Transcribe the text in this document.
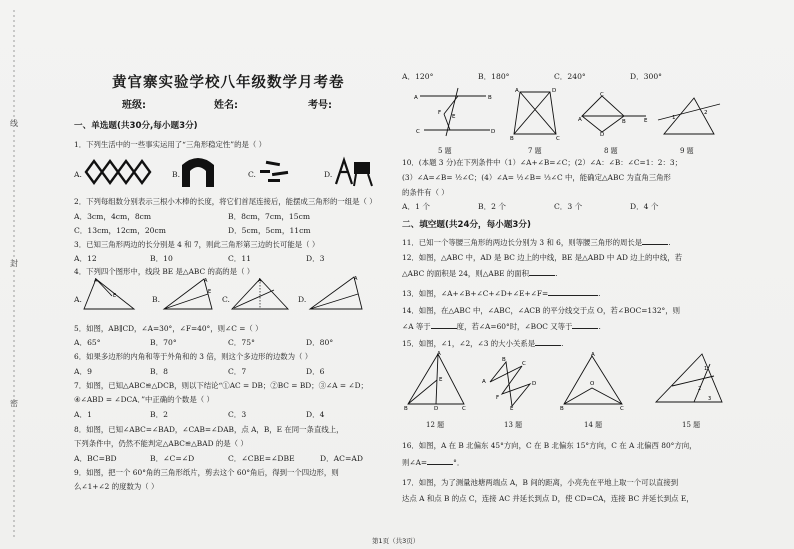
线
封
密
黄官寨实验学校八年级数学月考卷
班级:	姓名:	考号:
一、单选题(共30分,每小题3分)
1．下列生活中的一些事实运用了“三角形稳定性”的是（ ）
A.	B.	C.	D.
2．下列每组数分别表示三根小木棒的长度，将它们首尾连接后，能摆成三角形的一组是（ ）
A．3cm，4cm，8cm	B．8cm，7cm，15cm
C．13cm，12cm，20cm	D．5cm，5cm，11cm
3．已知三角形两边的长分别是 4 和 7，则此三角形第三边的长可能是（ ）
A．12	B．10	C．11	D．3
4．下列四个图形中，线段 BE 是△ABC 的高的是（ ）
A.
A
E	B.
A
E
C.
A
D.
A
5．如图，AB∥CD，∠A=30°，∠F=40°，则∠C =（ ）
A．65°	B．70°	C．75°	D．80°
6．如果多边形的内角和等于外角和的 3 倍，则这个多边形的边数为（ ）
A．9	B．8	C．7	D．6
7．如图，已知△ABC≌△DCB，则以下结论“①AC = DB；②BC = BD；③∠A = ∠D；
④∠ABD = ∠DCA．”中正确的个数是（ ）
A．1	B．2	C．3	D．4
8．如图，已知∠ABC=∠BAD，∠CAB=∠DAB，点 A，B，E 在同一条直线上，
下列条件中，仍然不能判定△ABC≌△BAD 的是（ ）
A．BC=BD	B．∠C=∠D	C．∠CBE=∠DBE	D．AC=AD
9．如图，把一个 60°角的三角形纸片，剪去这个 60°角后，得到一个四边形，则
么∠1+∠2 的度数为（ ）
A．120°	B．180°	C．240°	D．300°
A	B
C	D
E
F
A	D
B	C
C
A	B	E
D
1
2
5 题	7 题	8 题	9 题
10．(本题 3 分)在下列条件中（1）∠A+∠B=∠C；(2）∠A：∠B：∠C=1：2：3；
(3）∠A=∠B= ½∠C；(4）∠A= ½∠B= ⅓∠C 中，能确定△ABC 为直角三角形
的条件有（ ）
A．1 个	B．2 个	C．3 个	D．4 个
二、填空题(共24分，每小题3分)
11．已知一个等腰三角形的两边长分别为 3 和 6，则等腰三角形的周长是	.
12．如图，△ABC 中，AD 是 BC 边上的中线，BE 是△ABD 中 AD 边上的中线，若
△ABC 的面积是 24，则△ABE 的面积	.
13．如图，∠A+∠B+∠C+∠D+∠E+∠F=	.
14．如图，在△ABC 中，∠ABC，∠ACB 的平分线交于点 O，若∠BOC=132°，则
∠A 等于	度，若∠A=60°时，∠BOC 又等于	.
15．如图，∠1，∠2，∠3 的大小关系是	.
A
E
B	D	C
A
B
C
D
E
F
A
O
B	C
1
2
3
12 题	13 题	14 题	15 题
16．如图，A 在 B 北偏东 45°方向，C 在 B 北偏东 15°方向，C 在 A 北偏西 80°方向，
则∠A=	°．
17．如图，为了测量池塘两端点 A，B 间的距离，小亮先在平地上取一个可以直接到
达点 A 和点 B 的点 C，连接 AC 并延长到点 D，使 CD=CA，连接 BC 并延长到点 E，
第1页（共3页）
